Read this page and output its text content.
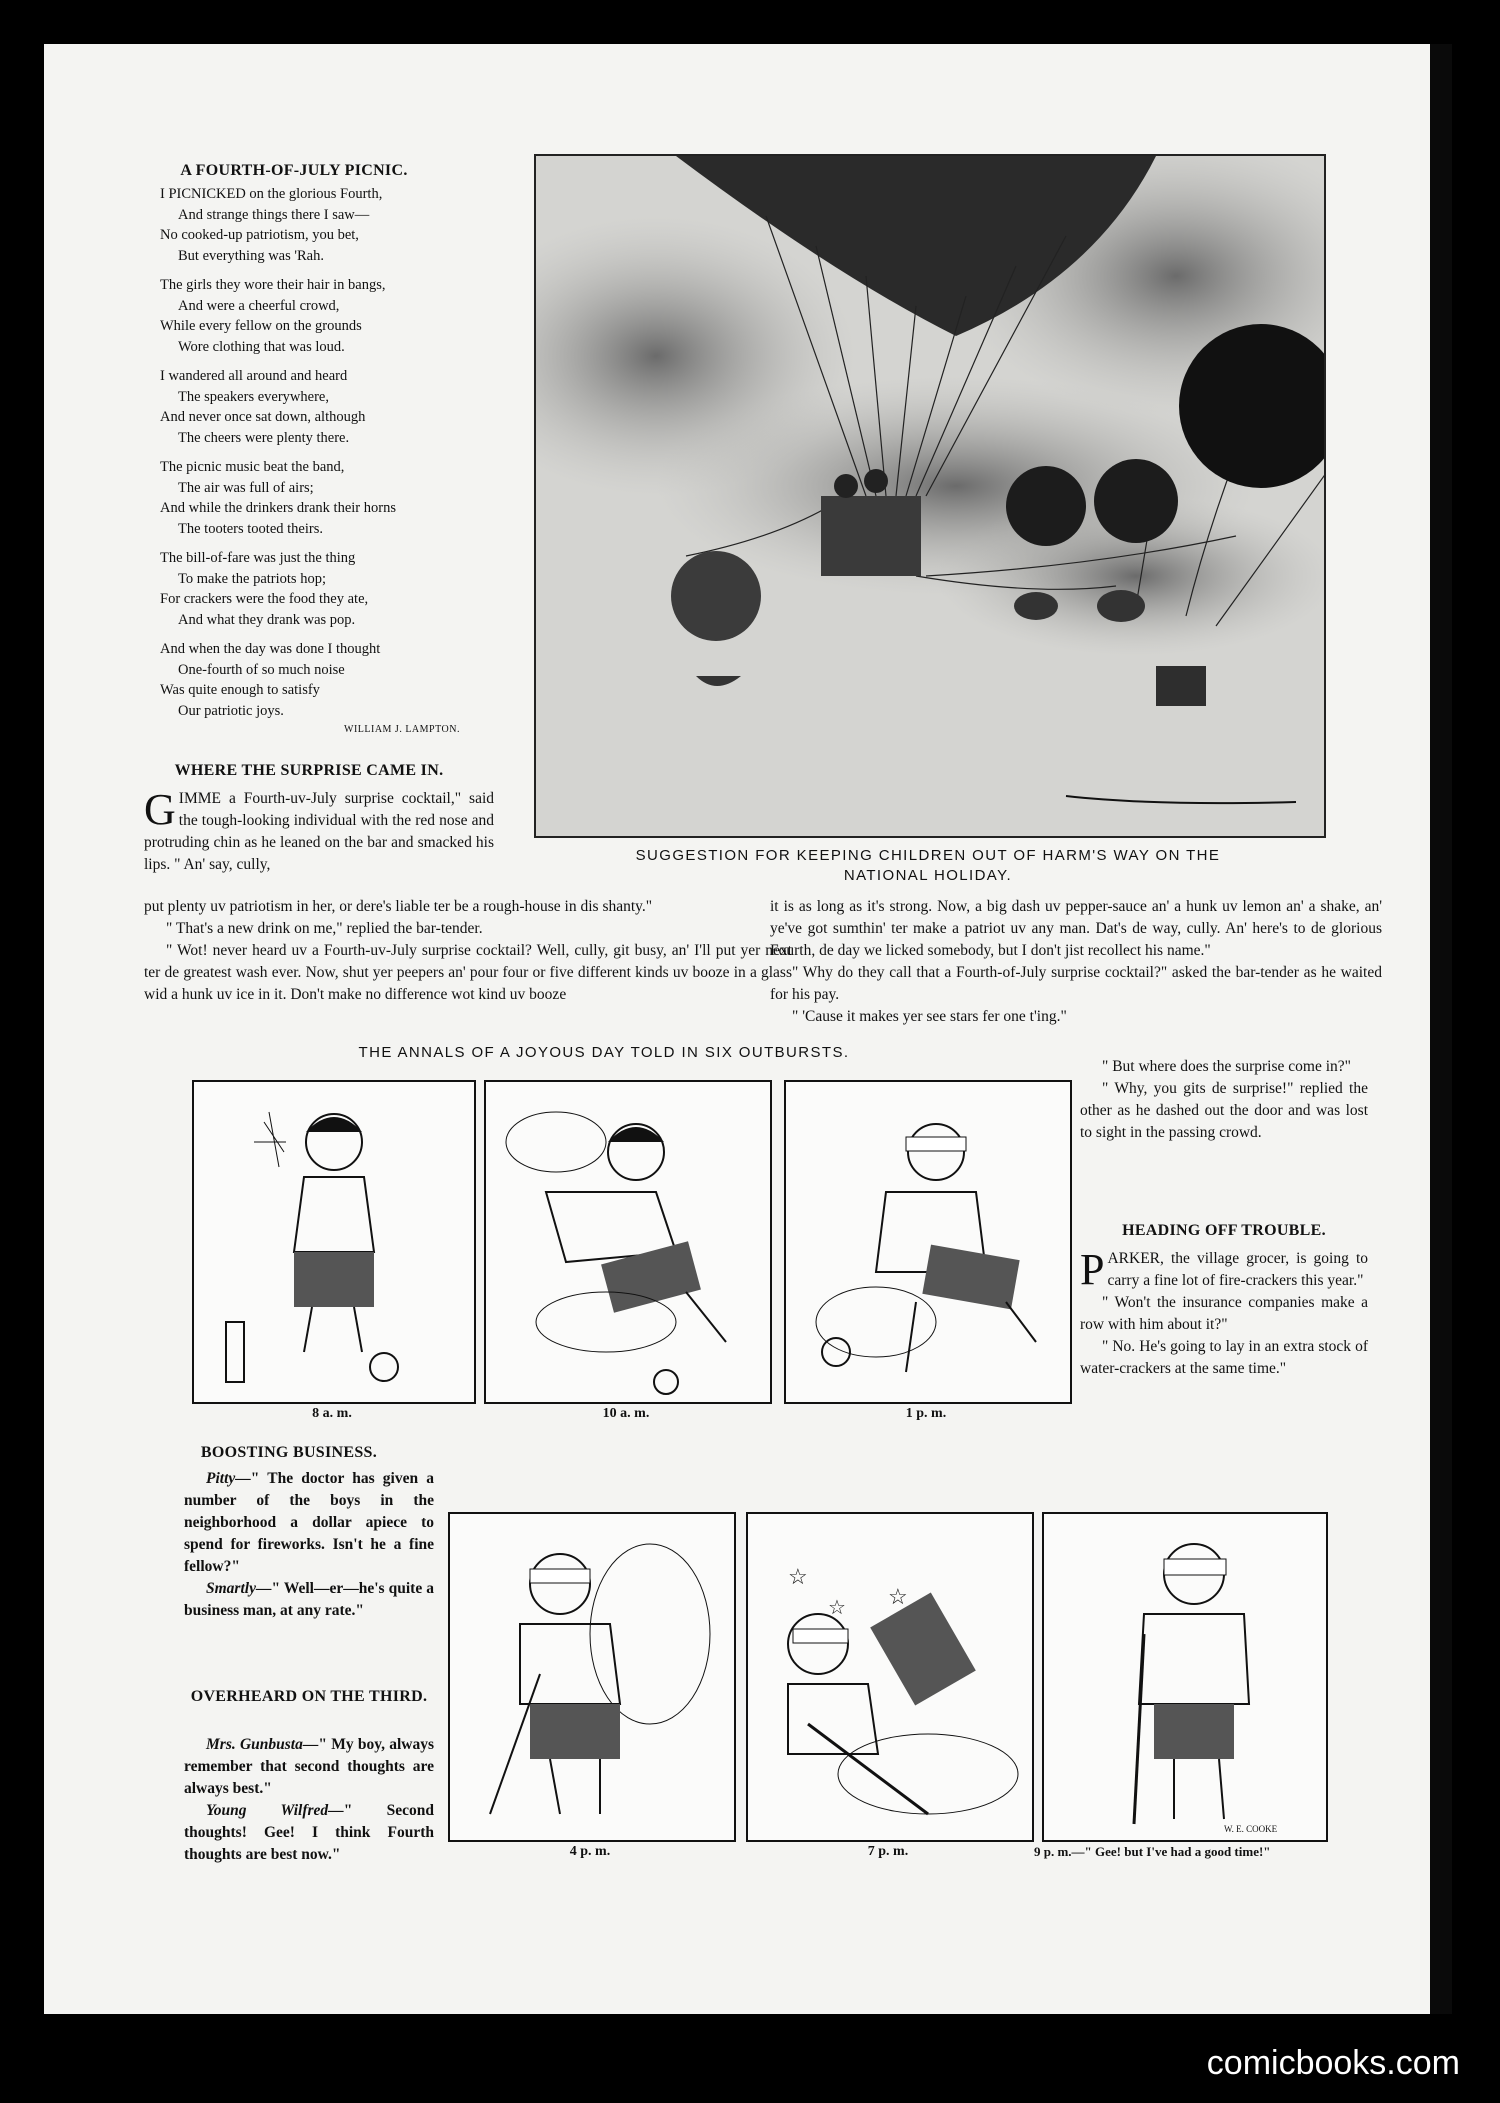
A FOURTH-OF-JULY PICNIC.
I PICNICKED on the glorious Fourth,
And strange things there I saw—
No cooked-up patriotism, you bet,
But everything was 'Rah.
The girls they wore their hair in bangs,
And were a cheerful crowd,
While every fellow on the grounds
Wore clothing that was loud.
I wandered all around and heard
The speakers everywhere,
And never once sat down, although
The cheers were plenty there.
The picnic music beat the band,
The air was full of airs;
And while the drinkers drank their horns
The tooters tooted theirs.
The bill-of-fare was just the thing
To make the patriots hop;
For crackers were the food they ate,
And what they drank was pop.
And when the day was done I thought
One-fourth of so much noise
Was quite enough to satisfy
Our patriotic joys.
WILLIAM J. LAMPTON.
SUGGESTION FOR KEEPING CHILDREN OUT OF HARM'S WAY ON THE
NATIONAL HOLIDAY.
WHERE THE SURPRISE CAME IN.
GIMME a Fourth-uv-July surprise cocktail," said the tough-looking individual with the red nose and protruding chin as he leaned on the bar and smacked his lips. " An' say, cully,

put plenty uv patriotism in her, or dere's liable ter be a rough-house in dis shanty."

" That's a new drink on me," replied the bar-tender.

" Wot! never heard uv a Fourth-uv-July surprise cocktail? Well, cully, git busy, an' I'll put yer next ter de greatest wash ever. Now, shut yer peepers an' pour four or five different kinds uv booze in a glass wid a hunk uv ice in it. Don't make no difference wot kind uv booze

it is as long as it's strong. Now, a big dash uv pepper-sauce an' a hunk uv lemon an' a shake, an' ye've got sumthin' ter make a patriot uv any man. Dat's de way, cully. An' here's to de glorious Fourth, de day we licked somebody, but I don't jist recollect his name."

" Why do they call that a Fourth-of-July surprise cocktail?" asked the bar-tender as he waited for his pay.

" 'Cause it makes yer see stars fer one t'ing."

" But where does the surprise come in?"

" Why, you gits de surprise!" replied the other as he dashed out the door and was lost to sight in the passing crowd.

THE ANNALS OF A JOYOUS DAY TOLD IN SIX OUTBURSTS.
8 a. m.	10 a. m.	1 p. m.
4 p. m.
☆
☆ ☆
7 p. m.
W. E. COOKE
9 p. m.—" Gee! but I've had a good time!"
HEADING OFF TROUBLE.

PARKER, the village grocer, is going to carry a fine lot of fire-crackers this year."

" Won't the insurance companies make a row with him about it?"

" No. He's going to lay in an extra stock of water-crackers at the same time."

BOOSTING BUSINESS.

Pitty—" The doctor has given a number of the boys in the neighborhood a dollar apiece to spend for fireworks. Isn't he a fine fellow?"

Smartly—" Well—er—he's quite a business man, at any rate."

OVERHEARD ON THE THIRD.

Mrs. Gunbusta—" My boy, always remember that second thoughts are always best."

Young Wilfred—" Second thoughts! Gee! I think Fourth thoughts are best now."

comicbooks.com
